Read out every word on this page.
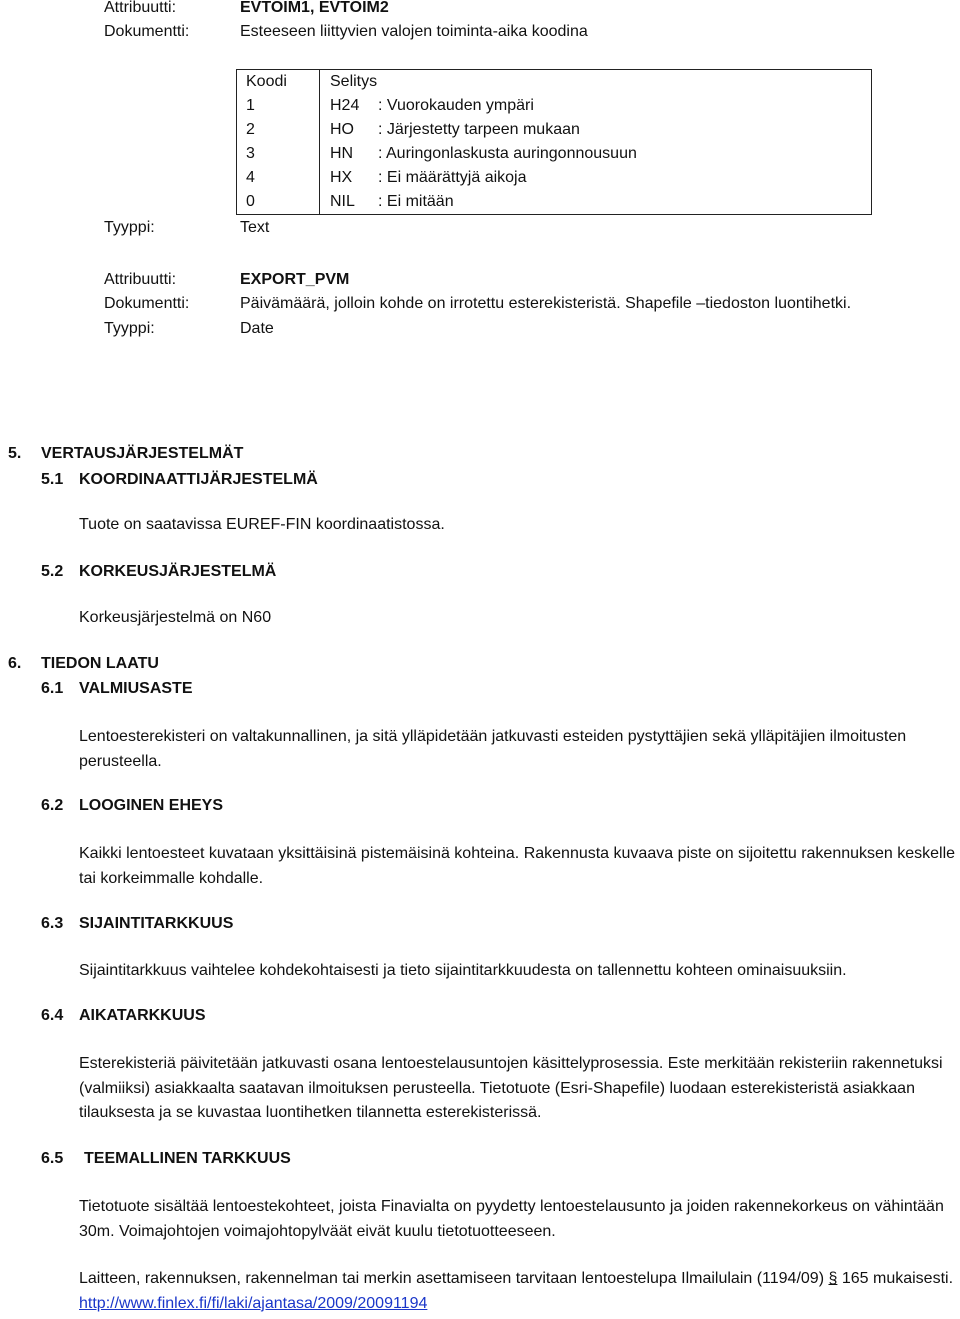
Attribuutti:	EVTOIM1, EVTOIM2
Dokumentti:	Esteeseen liittyvien valojen toiminta-aika koodina
Koodi	Selitys
1	H24 : Vuorokauden ympäri
2	HO : Järjestetty tarpeen mukaan
3	HN : Auringonlaskusta auringonnousuun
4	HX : Ei määrättyjä aikoja
0	NIL : Ei mitään
Tyyppi:	Text
Attribuutti:	EXPORT_PVM
Dokumentti:	Päivämäärä, jolloin kohde on irrotettu esterekisteristä. Shapefile –tiedoston luontihetki.
Tyyppi:	Date
5. VERTAUSJÄRJESTELMÄT
5.1 KOORDINAATTIJÄRJESTELMÄ
Tuote on saatavissa EUREF-FIN koordinaatistossa.
5.2 KORKEUSJÄRJESTELMÄ
Korkeusjärjestelmä on N60
6. TIEDON LAATU
6.1 VALMIUSASTE
Lentoesterekisteri on valtakunnallinen, ja sitä ylläpidetään jatkuvasti esteiden pystyttäjien sekä ylläpitäjien ilmoitusten perusteella.
6.2 LOOGINEN EHEYS
Kaikki lentoesteet kuvataan yksittäisinä pistemäisinä kohteina. Rakennusta kuvaava piste on sijoitettu rakennuksen keskelle tai korkeimmalle kohdalle.
6.3 SIJAINTITARKKUUS
Sijaintitarkkuus vaihtelee kohdekohtaisesti ja tieto sijaintitarkkuudesta on tallennettu kohteen ominaisuuksiin.
6.4 AIKATARKKUUS
Esterekisteriä päivitetään jatkuvasti osana lentoestelausuntojen käsittelyprosessia. Este merkitään rekisteriin rakennetuksi (valmiiksi) asiakkaalta saatavan ilmoituksen perusteella. Tietotuote (Esri-Shapefile) luodaan esterekisteristä asiakkaan tilauksesta ja se kuvastaa luontihetken tilannetta esterekisterissä.
6.5 TEEMALLINEN TARKKUUS
Tietotuote sisältää lentoestekohteet, joista Finavialta on pyydetty lentoestelausunto ja joiden rakennekorkeus on vähintään 30m. Voimajohtojen voimajohtopylväät eivät kuulu tietotuotteeseen.
Laitteen, rakennuksen, rakennelman tai merkin asettamiseen tarvitaan lentoestelupa Ilmailulain (1194/09) § 165 mukaisesti. http://www.finlex.fi/fi/laki/ajantasa/2009/20091194
